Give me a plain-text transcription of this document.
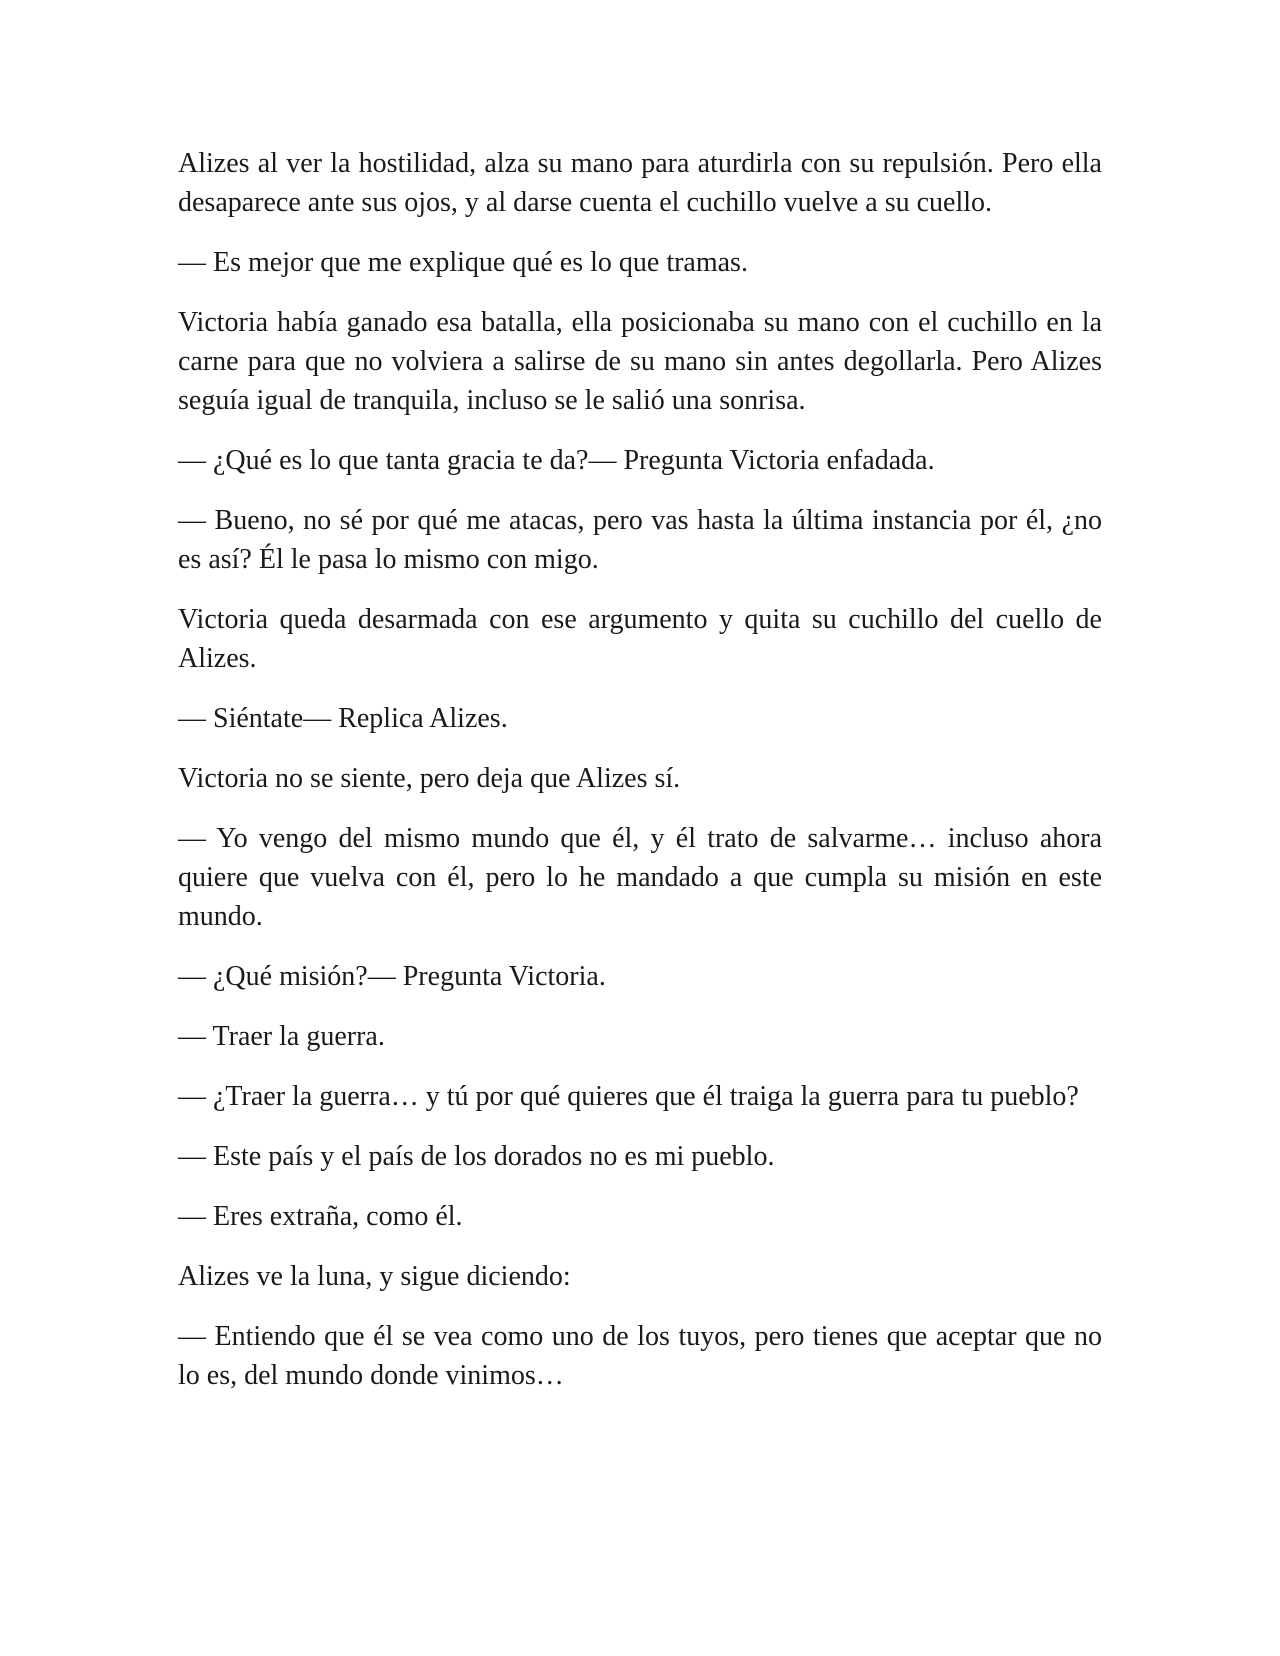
Alizes al ver la hostilidad, alza su mano para aturdirla con su repulsión. Pero ella desaparece ante sus ojos, y al darse cuenta el cuchillo vuelve a su cuello.

— Es mejor que me explique qué es lo que tramas.

Victoria había ganado esa batalla, ella posicionaba su mano con el cuchillo en la carne para que no volviera a salirse de su mano sin antes degollarla. Pero Alizes seguía igual de tranquila, incluso se le salió una sonrisa.

— ¿Qué es lo que tanta gracia te da?— Pregunta Victoria enfadada.

— Bueno, no sé por qué me atacas, pero vas hasta la última instancia por él, ¿no es así? Él le pasa lo mismo con migo.

Victoria queda desarmada con ese argumento y quita su cuchillo del cuello de Alizes.

— Siéntate— Replica Alizes.

Victoria no se siente, pero deja que Alizes sí.

— Yo vengo del mismo mundo que él, y él trato de salvarme… incluso ahora quiere que vuelva con él, pero lo he mandado a que cumpla su misión en este mundo.

— ¿Qué misión?— Pregunta Victoria.

— Traer la guerra.

— ¿Traer la guerra… y tú por qué quieres que él traiga la guerra para tu pueblo?

— Este país y el país de los dorados no es mi pueblo.

— Eres extraña, como él.

Alizes ve la luna, y sigue diciendo:

— Entiendo que él se vea como uno de los tuyos, pero tienes que aceptar que no lo es, del mundo donde vinimos…
